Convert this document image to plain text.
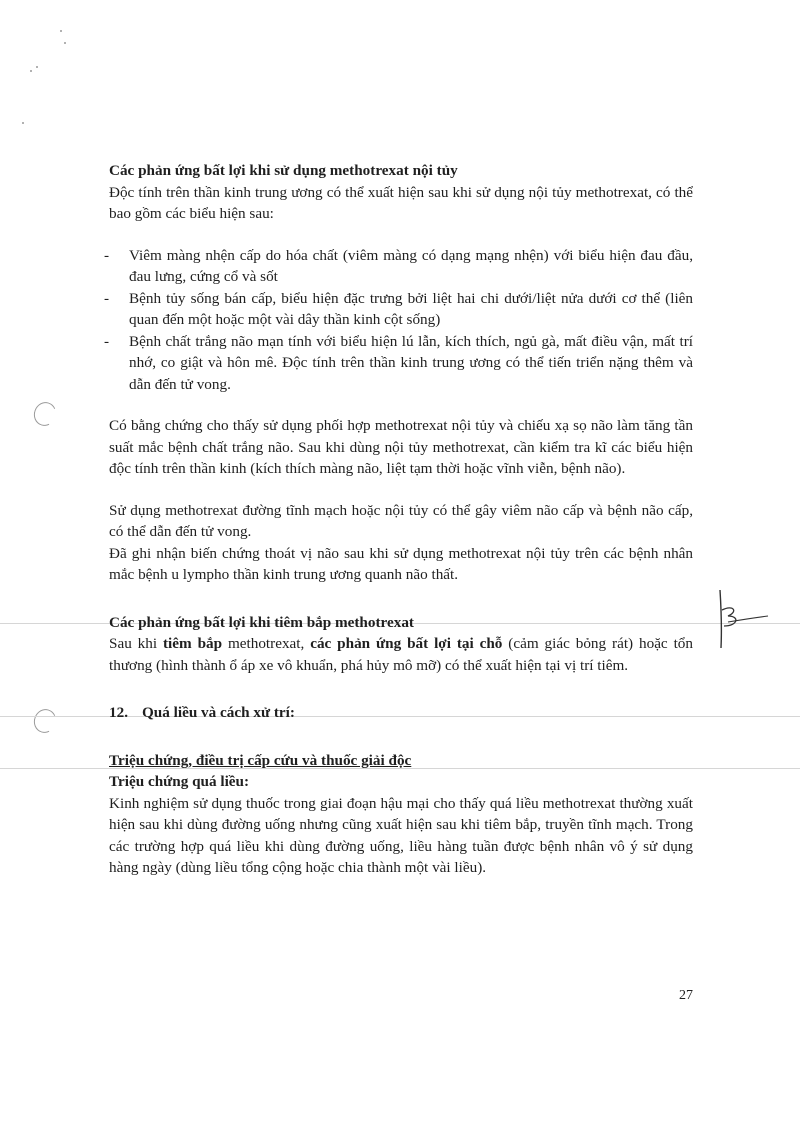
Các phản ứng bất lợi khi sử dụng methotrexat nội tủy

Độc tính trên thần kinh trung ương có thể xuất hiện sau khi sử dụng nội tủy methotrexat, có thể bao gồm các biểu hiện sau:

- Viêm màng nhện cấp do hóa chất (viêm màng có dạng mạng nhện) với biểu hiện đau đầu, đau lưng, cứng cổ và sốt
- Bệnh tủy sống bán cấp, biểu hiện đặc trưng bởi liệt hai chi dưới/liệt nửa dưới cơ thể (liên quan đến một hoặc một vài dây thần kinh cột sống)
- Bệnh chất trắng não mạn tính với biểu hiện lú lẫn, kích thích, ngủ gà, mất điều vận, mất trí nhớ, co giật và hôn mê. Độc tính trên thần kinh trung ương có thể tiến triển nặng thêm và dẫn đến tử vong.

Có bằng chứng cho thấy sử dụng phối hợp methotrexat nội tủy và chiếu xạ sọ não làm tăng tần suất mắc bệnh chất trắng não. Sau khi dùng nội tủy methotrexat, cần kiểm tra kĩ các biểu hiện độc tính trên thần kinh (kích thích màng não, liệt tạm thời hoặc vĩnh viễn, bệnh não).

Sử dụng methotrexat đường tĩnh mạch hoặc nội tủy có thể gây viêm não cấp và bệnh não cấp, có thể dẫn đến tử vong.

Đã ghi nhận biến chứng thoát vị não sau khi sử dụng methotrexat nội tủy trên các bệnh nhân mắc bệnh u lympho thần kinh trung ương quanh não thất.

Các phản ứng bất lợi khi tiêm bắp methotrexat

Sau khi tiêm bắp methotrexat, các phản ứng bất lợi tại chỗ (cảm giác bỏng rát) hoặc tổn thương (hình thành ổ áp xe vô khuẩn, phá hủy mô mỡ) có thể xuất hiện tại vị trí tiêm.

12. Quá liều và cách xử trí:

Triệu chứng, điều trị cấp cứu và thuốc giải độc

Triệu chứng quá liều:

Kinh nghiệm sử dụng thuốc trong giai đoạn hậu mại cho thấy quá liều methotrexat thường xuất hiện sau khi dùng đường uống nhưng cũng xuất hiện sau khi tiêm bắp, truyền tĩnh mạch. Trong các trường hợp quá liều khi dùng đường uống, liều hàng tuần được bệnh nhân vô ý sử dụng hàng ngày (dùng liều tổng cộng hoặc chia thành một vài liều).

27
